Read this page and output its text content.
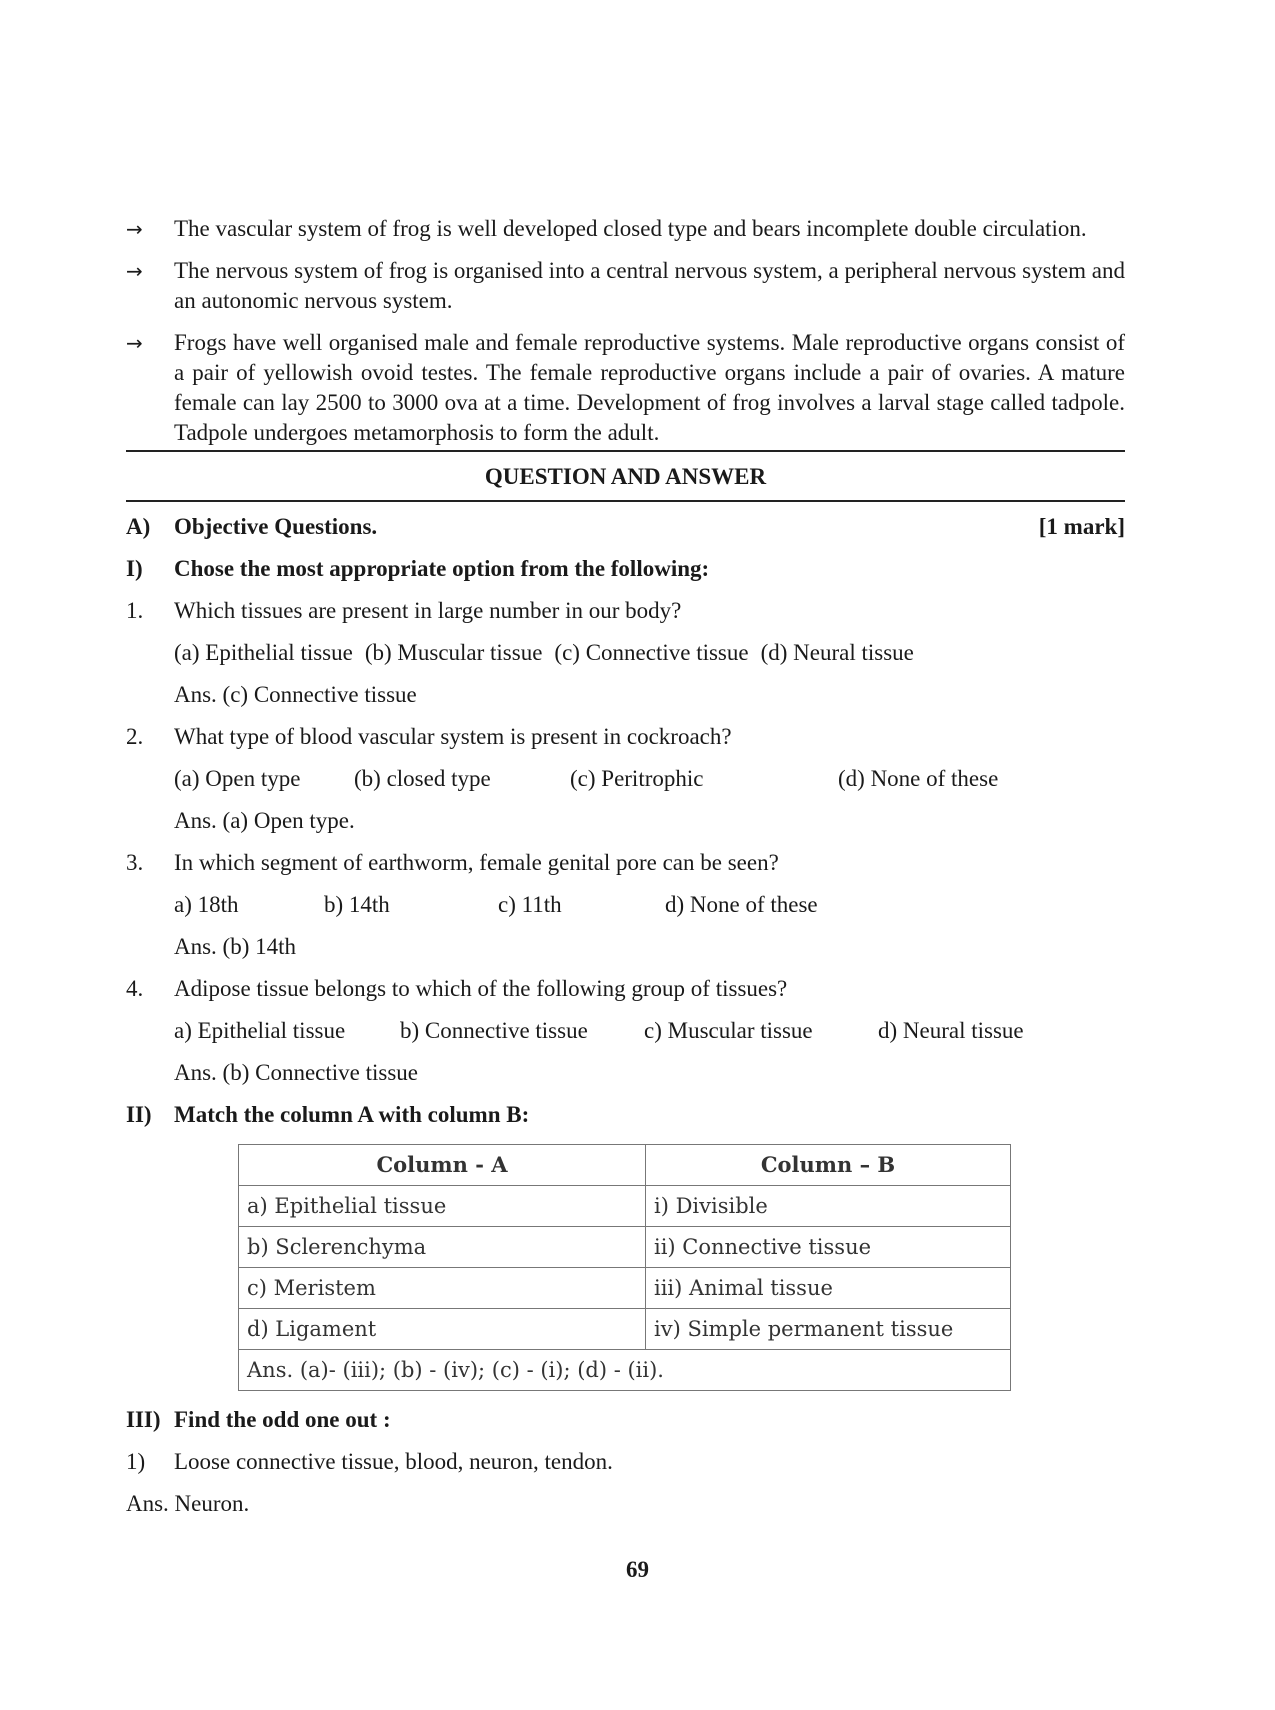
→	The vascular system of frog is well developed closed type and bears incomplete double circulation.
→	The nervous system of frog is organised into a central nervous system, a peripheral nervous system and an autonomic nervous system.
→	Frogs have well organised male and female reproductive systems. Male reproductive organs consist of a pair of yellowish ovoid testes. The female reproductive organs include a pair of ovaries. A mature female can lay 2500 to 3000 ova at a time. Development of frog involves a larval stage called tadpole. Tadpole undergoes metamorphosis to form the adult.
QUESTION AND ANSWER
A)	Objective Questions.	[1 mark]
I)	Chose the most appropriate option from the following:
1.	Which tissues are present in large number in our body?
(a) Epithelial tissue (b) Muscular tissue (c) Connective tissue (d) Neural tissue
Ans. (c) Connective tissue
2.	What type of blood vascular system is present in cockroach?
(a) Open type	(b) closed type	(c) Peritrophic	(d) None of these
Ans. (a) Open type.
3.	In which segment of earthworm, female genital pore can be seen?
a) 18th	b) 14th	c) 11th	d) None of these
Ans. (b) 14th
4.	Adipose tissue belongs to which of the following group of tissues?
a) Epithelial tissue	b) Connective tissue	c) Muscular tissue	d) Neural tissue
Ans. (b) Connective tissue
II) Match the column A with column B:
Column - A	Column – B
a) Epithelial tissue	i) Divisible
b) Sclerenchyma	ii) Connective tissue
c) Meristem	iii) Animal tissue
d) Ligament	iv) Simple permanent tissue
Ans. (a)- (iii); (b) - (iv); (c) - (i); (d) - (ii).	
III) Find the odd one out :
1)	Loose connective tissue, blood, neuron, tendon.
Ans. Neuron.
69
